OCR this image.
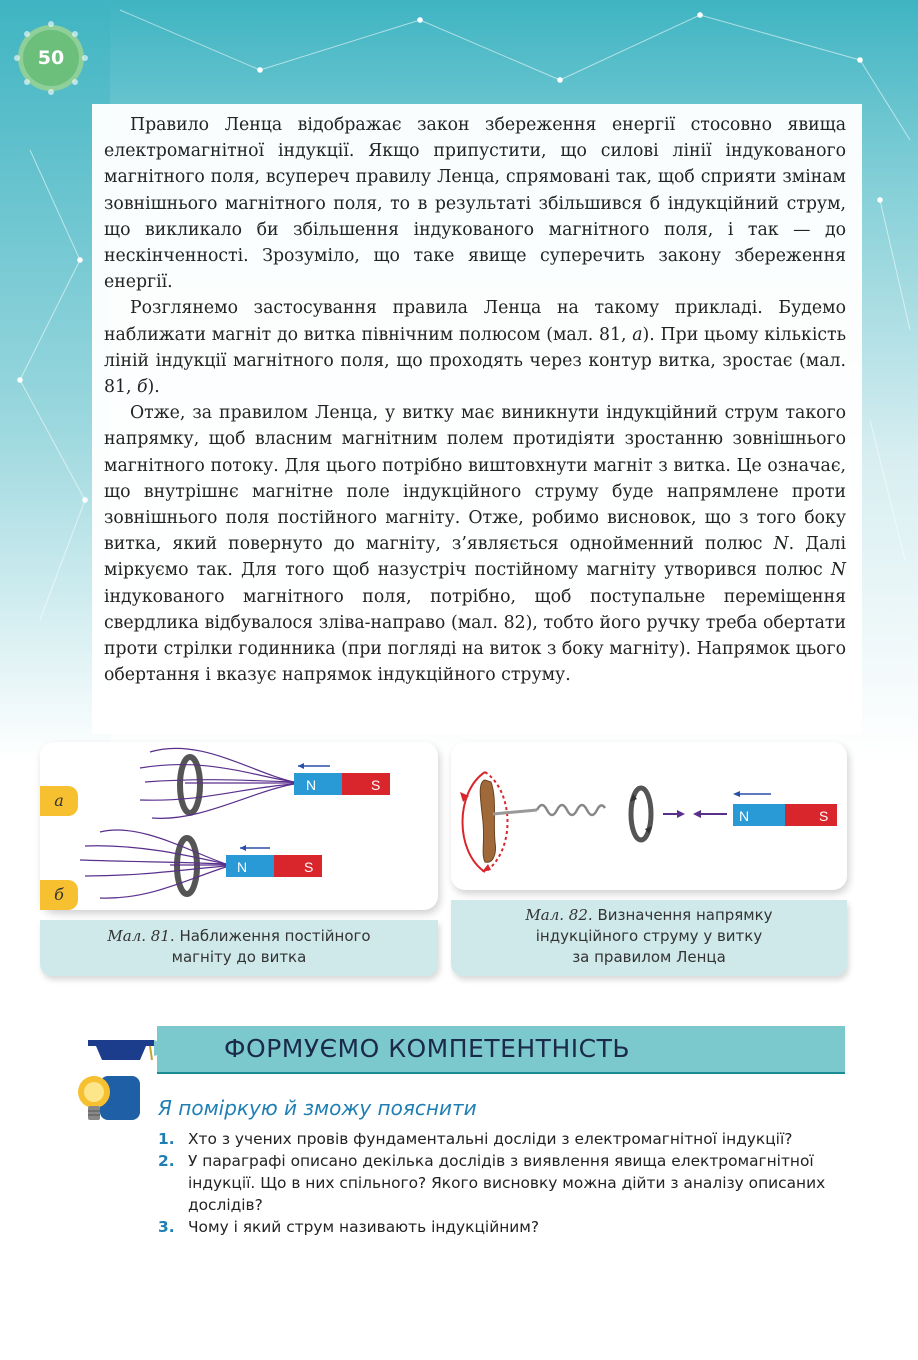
50

Правило Ленца відображає закон збереження енергії стосовно явища електромагнітної індукції. Якщо припустити, що силові лінії індукованого магнітного поля, всупереч правилу Ленца, спрямовані так, щоб сприяти змінам зовнішнього магнітного поля, то в результаті збільшився б індукційний струм, що викликало би збільшення індукованого магнітного поля, і так — до нескінченності. Зрозуміло, що таке явище суперечить закону збереження енергії.

Розглянемо застосування правила Ленца на такому прикладі. Будемо наближати магніт до витка північним полюсом (мал. 81, а). При цьому кількість ліній індукції магнітного поля, що проходять через контур витка, зростає (мал. 81, б).

Отже, за правилом Ленца, у витку має виникнути індукційний струм такого напрямку, щоб власним магнітним полем протидіяти зростанню зовнішнього магнітного потоку. Для цього потрібно виштовхнути магніт з витка. Це означає, що внутрішнє магнітне поле індукційного струму буде напрямлене проти зовнішнього поля постійного магніту. Отже, робимо висновок, що з того боку витка, який повернуто до магніту, з’являється однойменний полюс N. Далі міркуємо так. Для того щоб назустріч постійному магніту утворився полюс N індукованого магнітного поля, потрібно, щоб поступальне переміщення свердлика відбувалося зліва-направо (мал. 82), тобто його ручку треба обертати проти стрілки годинника (при погляді на виток з боку магніту). Напрямок цього обертання і вказує напрямок індукційного струму.

N	S
N	S
а
б
Мал. 81. Наближення постійного
магніту до витка
N	S
Мал. 82. Визначення напрямку
індукційного струму у витку
за правилом Ленца
ФОРМУЄМО КОМПЕТЕНТНІСТЬ
Я поміркую й зможу пояснити
1. Хто з учених провів фундаментальні досліди з електромагнітної індукції?
2. У параграфі описано декілька дослідів з виявлення явища електромагнітної індукції. Що в них спільного? Якого висновку можна дійти з аналізу описаних дослідів?
3. Чому і який струм називають індукційним?
